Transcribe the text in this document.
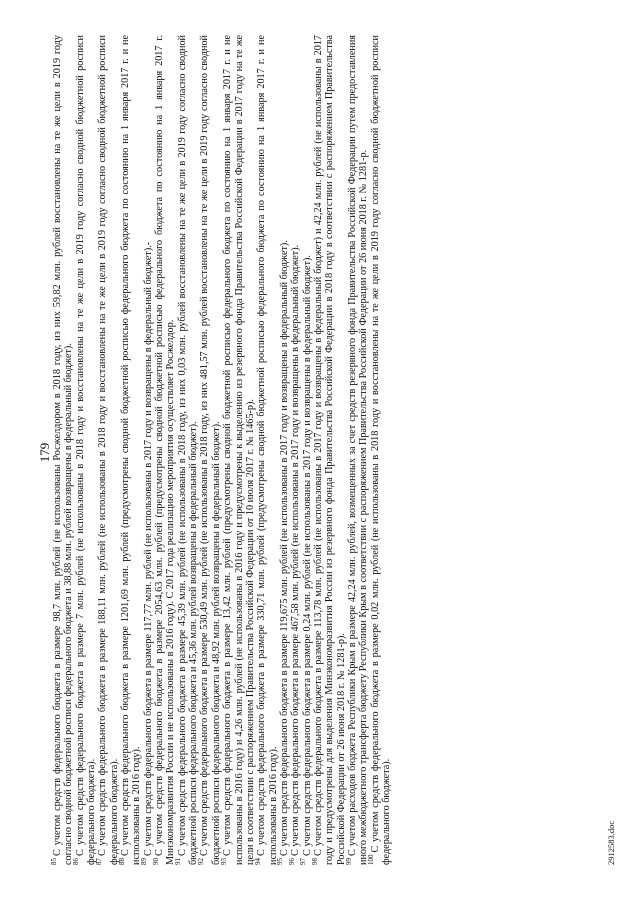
179

$^{85}$С учетом средств федерального бюджета в размере 98,7 млн. рублей (не использованы Росжелдором в 2018 году, из них 59,82 млн. рублей восстановлены на те же цели в 2019 году согласно сводной бюджетной росписи федерального бюджета и 38,88 млн. рублей возвращены в федеральный бюджет).

$^{86}$С учетом средств федерального бюджета в размере 7 млн. рублей (не использованы в 2018 году и восстановлены на те же цели в 2019 году согласно сводной бюджетной росписи федерального бюджета).

$^{87}$С учетом средств федерального бюджета в размере 188,11 млн. рублей (не использованы в 2018 году и восстановлены на те же цели в 2019 году согласно сводной бюджетной росписи федерального бюджета).

$^{88}$С учетом средств федерального бюджета в размере 1201,69 млн. рублей (предусмотрены сводной бюджетной росписью федерального бюджета по состоянию на 1 января 2017 г. и не использованы в 2016 году).

$^{89}$С учетом средств федерального бюджета в размере 117,77 млн. рублей (не использованы в 2017 году и возвращены в федеральный бюджет).-

$^{90}$С учетом средств федерального бюджета в размере 2054,63 млн. рублей (предусмотрены сводной бюджетной росписью федерального бюджета по состоянию на 1 января 2017 г. Минэкономразвития России и не использованы в 2016 году). С 2017 года реализацию мероприятия осуществляет Росжелдор.

$^{91}$С учетом средств федерального бюджета в размере 45,39 млн. рублей (не использованы в 2018 году, из них 0,03 млн. рублей восстановлены на те же цели в 2019 году согласно сводной бюджетной росписи федерального бюджета и 45,36 млн. рублей возвращены в федеральный бюджет).

$^{92}$С учетом средств федерального бюджета в размере 530,49 млн. рублей (не использованы в 2018 году, из них 481,57 млн. рублей восстановлены на те же цели в 2019 году согласно сводной бюджетной росписи федерального бюджета и 48,92 млн. рублей возвращены в федеральный бюджет).

$^{93}$С учетом средств федерального бюджета в размере 13,42 млн. рублей (предусмотрены сводной бюджетной росписью федерального бюджета по состоянию на 1 января 2017 г. и не использованы в 2016 году) и 4,26 млн. рублей (не использованы в 2016 году и предусмотрены к выделению из резервного фонда Правительства Российской Федерации в 2017 году на те же цели в соответствии с распоряжением Правительства Российской Федерации от 10 июля 2017 г. № 1465-р).

$^{94}$С учетом средств федерального бюджета в размере 330,71 млн. рублей (предусмотрены сводной бюджетной росписью федерального бюджета по состоянию на 1 января 2017 г. и не использованы в 2016 году).

$^{95}$С учетом средств федерального бюджета в размере 119,675 млн. рублей (не использованы в 2017 году и возвращены в федеральный бюджет).

$^{96}$С учетом средств федерального бюджета в размере 467,58 млн. рублей (не использованы в 2017 году и возвращены в федеральный бюджет).

$^{97}$С учетом средств федерального бюджета в размере 0,24 млн. рублей (не использованы в 2017 году и возвращены в федеральный бюджет).

$^{98}$С учетом средств федерального бюджета в размере 113,78 млн. рублей (не использованы в 2017 году и возвращены в федеральный бюджет) и 42,24 млн. рублей (не использованы в 2017 году и предусмотрены для выделения Минэкономразвития России из резервного фонда Правительства Российской Федерации в 2018 году в соответствии с распоряжением Правительства Российской Федерации от 26 июня 2018 г. № 1281-р).

$^{99}$С учетом расходов бюджета Республики Крым в размере 42,24 млн. рублей, возмещенных за счет средств резервного фонда Правительства Российской Федерации путем предоставления иного межбюджетного трансферта бюджету Республики Крым в соответствии с распоряжением Правительства Российской Федерации от 26 июня 2018 г. № 1281-р.

$^{100}$С учетом средств федерального бюджета в размере 0,02 млн. рублей (не использованы в 2018 году и восстановлены на те же цели в 2019 году согласно сводной бюджетной росписи федерального бюджета).	2912583.doc
